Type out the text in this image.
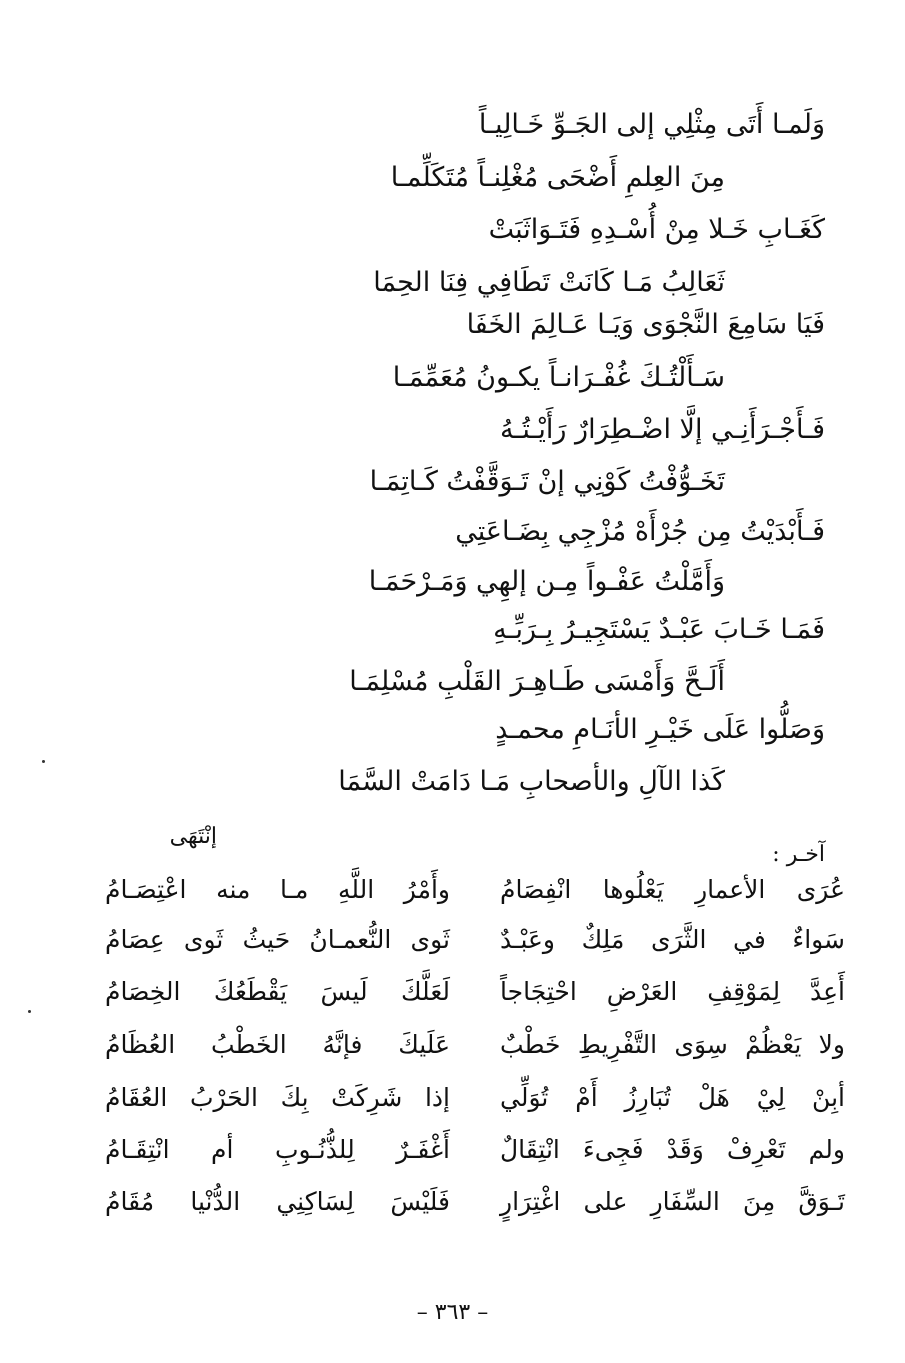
وَلَمـا أَتَى مِثْلِي إلى الجَـوِّ خَـالِيـاً
مِنَ العِلمِ أَضْحَى مُغْلِنـاً مُتَكَلِّمـا
كَغَـابِ خَـلا مِنْ أُسْـدِهِ فَتَـوَاثَبَتْ
ثَعَالِبُ مَـا كَانَتْ تَطَافِي فِنَا الحِمَا
فَيَا سَامِعَ النَّجْوَى وَيَـا عَـالِمَ الخَفَا
سَـأَلْتُـكَ غُفْـرَانـاً يكـونُ مُعَمِّمَـا
فَـأَجْـرَأَنِـي إلَّا اضْـطِرَارٌ رَأَيْـتُـهُ
تَخَـوُّفْتُ كَوْنِي إنْ تَـوَقَّفْتُ كَـاتِمَـا
فَـأَبْدَيْتُ مِن جُرْأَهْ مُزْجِي بِضَـاعَتِي
وَأَمَّلْتُ عَفْـواً مِـن إلهِي وَمَـرْحَمَـا
فَمَـا خَـابَ عَبْـدٌ يَسْتَجِيـرُ بِـرَبِّـهِ
أَلَـحَّ وَأَمْسَى طَـاهِـرَ القَلْبِ مُسْلِمَـا
وَصَلُّوا عَلَى خَيْـرِ الأنَـامِ محمـدٍ
كَذا الآلِ والأصحابِ مَـا دَامَتْ السَّمَا
إنْتَهَى
آخـر :
عُرَى الأعمارِ يَعْلُوها انْفِصَامُ
وأَمْرُ اللَّهِ مـا منه اعْتِصَـامُ
سَواءٌ في الثَّرَى مَلِكٌ وعَبْـدٌ
ثَوى النُّعمـانُ حَيثُ ثَوى عِصَامُ
أَعِدَّ لِمَوْقِفِ العَرْضِ احْتِجَاجاً
لَعَلَّكَ لَيسَ يَقْطَعُكَ الخِصَامُ
ولا يَعْظُمْ سِوَى التَّفْرِيطِ خَطْبٌ
عَلَيكَ فإنَّهُ الخَطْبُ العُظَامُ
أبِنْ لِيْ هَلْ تُبَارِزُ أَمْ تُوَلِّي
إذا شَرِكَتْ بِكَ الحَرْبُ العُقَامُ
ولم تَعْرِفْ وَقَدْ فَجِىءَ انْتِقَالٌ
أَغْفَـرٌ لِلذُّنُـوبِ أم انْتِقَـامُ
تَـوَقَّ مِنَ السِّفَارِ على اغْتِرَارٍ
فَلَيْسَ لِسَاكِنِي الدُّنْيا مُقَامُ
– ٣٦٣ –
